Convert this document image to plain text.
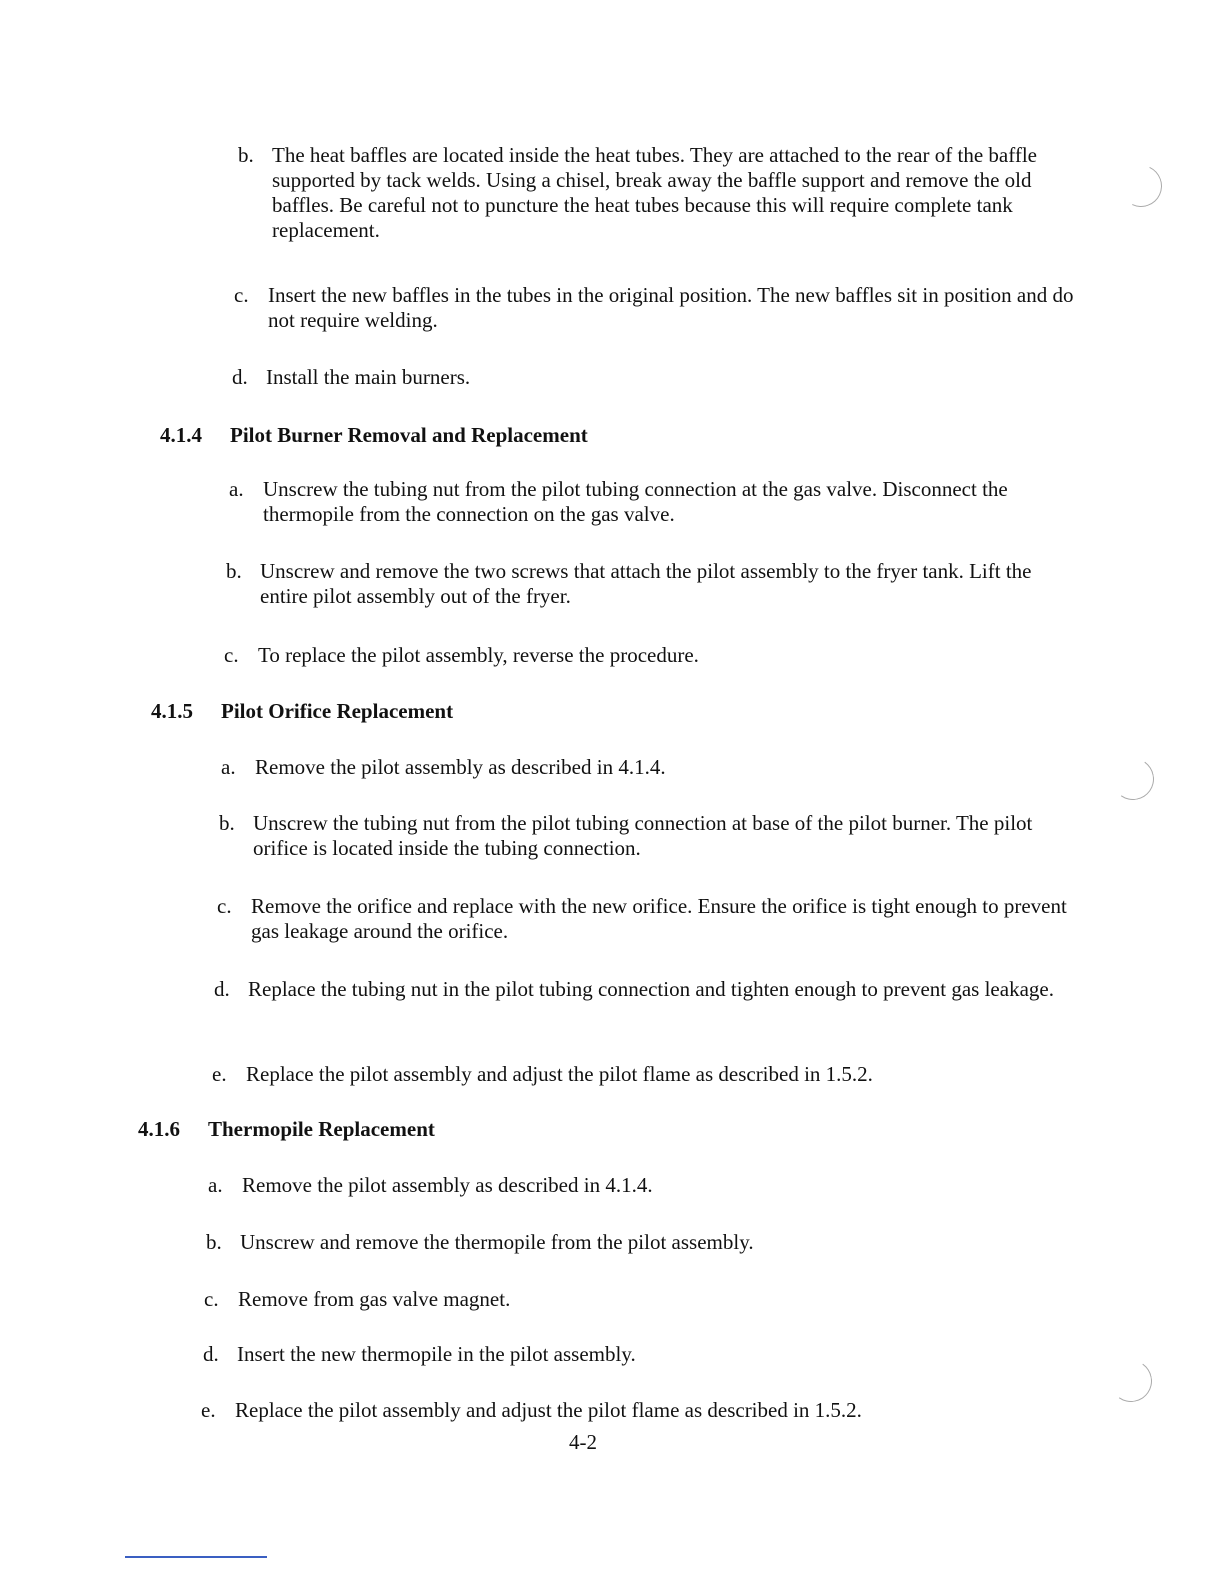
b. The heat baffles are located inside the heat tubes. They are attached to the rear of the baffle supported by tack welds. Using a chisel, break away the baffle support and remove the old baffles. Be careful not to puncture the heat tubes because this will require complete tank replacement.
c. Insert the new baffles in the tubes in the original position. The new baffles sit in position and do not require welding.
d. Install the main burners.
4.1.4 Pilot Burner Removal and Replacement
a. Unscrew the tubing nut from the pilot tubing connection at the gas valve. Disconnect the thermopile from the connection on the gas valve.
b. Unscrew and remove the two screws that attach the pilot assembly to the fryer tank. Lift the entire pilot assembly out of the fryer.
c. To replace the pilot assembly, reverse the procedure.
4.1.5 Pilot Orifice Replacement
a. Remove the pilot assembly as described in 4.1.4.
b. Unscrew the tubing nut from the pilot tubing connection at base of the pilot burner. The pilot orifice is located inside the tubing connection.
c. Remove the orifice and replace with the new orifice. Ensure the orifice is tight enough to prevent gas leakage around the orifice.
d. Replace the tubing nut in the pilot tubing connection and tighten enough to prevent gas leakage.
e. Replace the pilot assembly and adjust the pilot flame as described in 1.5.2.
4.1.6 Thermopile Replacement
a. Remove the pilot assembly as described in 4.1.4.
b. Unscrew and remove the thermopile from the pilot assembly.
c. Remove from gas valve magnet.
d. Insert the new thermopile in the pilot assembly.
e. Replace the pilot assembly and adjust the pilot flame as described in 1.5.2.
4-2
